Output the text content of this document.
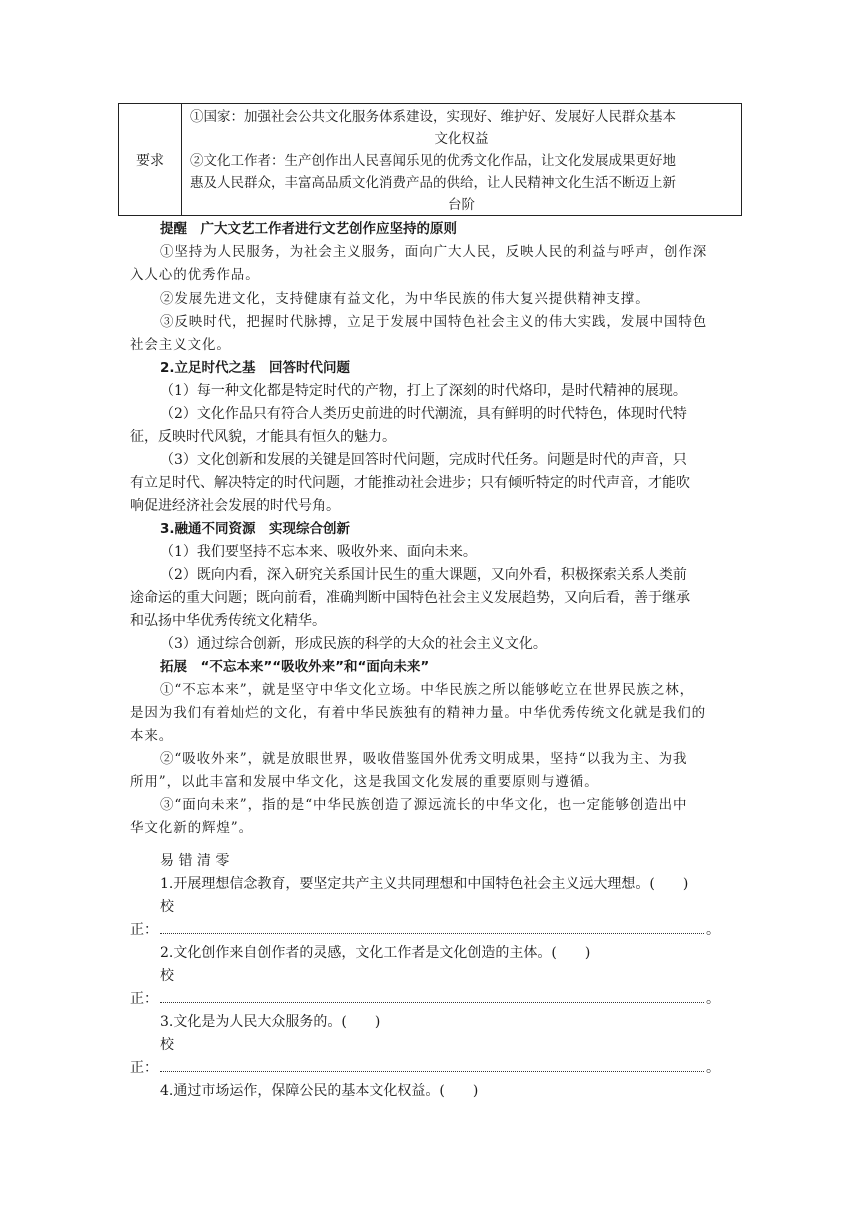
要求
①国家：加强社会公共文化服务体系建设，实现好、维护好、发展好人民群众基本
文化权益
②文化工作者：生产创作出人民喜闻乐见的优秀文化作品，让文化发展成果更好地
惠及人民群众，丰富高品质文化消费产品的供给，让人民精神文化生活不断迈上新
台阶
提醒　广大文艺工作者进行文艺创作应坚持的原则
①坚持为人民服务，为社会主义服务，面向广大人民，反映人民的利益与呼声，创作深
入人心的优秀作品。
②发展先进文化，支持健康有益文化，为中华民族的伟大复兴提供精神支撑。
③反映时代，把握时代脉搏，立足于发展中国特色社会主义的伟大实践，发展中国特色
社会主义文化。
2.立足时代之基　回答时代问题
（1）每一种文化都是特定时代的产物，打上了深刻的时代烙印，是时代精神的展现。
（2）文化作品只有符合人类历史前进的时代潮流，具有鲜明的时代特色，体现时代特
征，反映时代风貌，才能具有恒久的魅力。
（3）文化创新和发展的关键是回答时代问题，完成时代任务。问题是时代的声音，只
有立足时代、解决特定的时代问题，才能推动社会进步；只有倾听特定的时代声音，才能吹
响促进经济社会发展的时代号角。
3.融通不同资源　实现综合创新
（1）我们要坚持不忘本来、吸收外来、面向未来。
（2）既向内看，深入研究关系国计民生的重大课题，又向外看，积极探索关系人类前
途命运的重大问题；既向前看，准确判断中国特色社会主义发展趋势，又向后看，善于继承
和弘扬中华优秀传统文化精华。
（3）通过综合创新，形成民族的科学的大众的社会主义文化。
拓展　“不忘本来”“吸收外来”和“面向未来”
①“不忘本来”，就是坚守中华文化立场。中华民族之所以能够屹立在世界民族之林，
是因为我们有着灿烂的文化，有着中华民族独有的精神力量。中华优秀传统文化就是我们的
本来。
②“吸收外来”，就是放眼世界，吸收借鉴国外优秀文明成果，坚持“以我为主、为我
所用”，以此丰富和发展中华文化，这是我国文化发展的重要原则与遵循。
③“面向未来”，指的是“中华民族创造了源远流长的中华文化，也一定能够创造出中
华文化新的辉煌”。
易 错 清 零
1.开展理想信念教育，要坚定共产主义共同理想和中国特色社会主义远大理想。(　　)
校
正：	。
2.文化创作来自创作者的灵感，文化工作者是文化创造的主体。(　　)
校
正：	。
3.文化是为人民大众服务的。(　　)
校
正：	。
4.通过市场运作，保障公民的基本文化权益。(　　)
